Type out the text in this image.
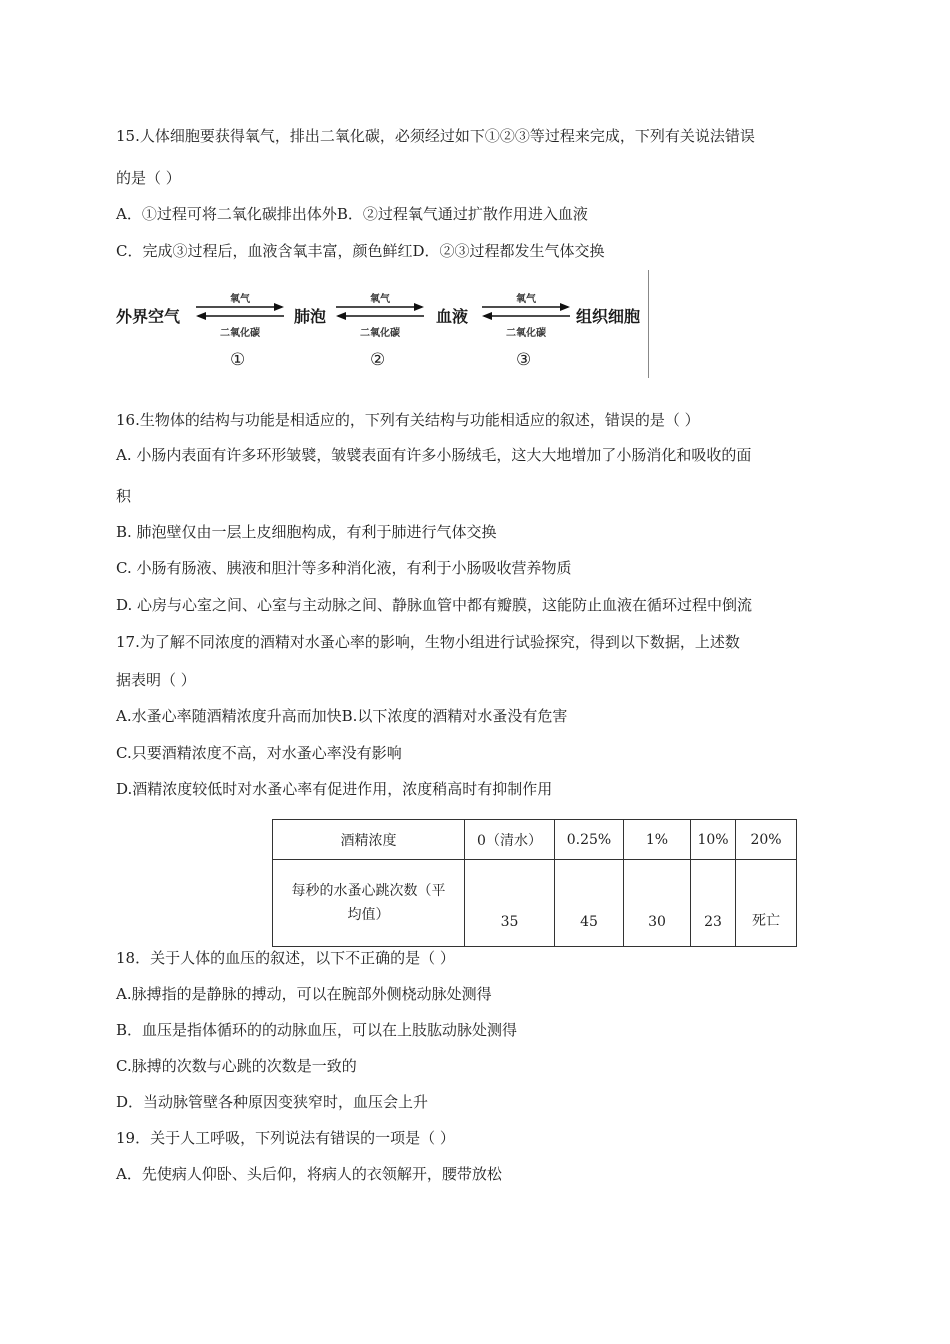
15.人体细胞要获得氧气，排出二氧化碳，必须经过如下①②③等过程来完成，下列有关说法错误
的是（ ）
A．①过程可将二氧化碳排出体外B．②过程氧气通过扩散作用进入血液
C．完成③过程后，血液含氧丰富，颜色鲜红D．②③过程都发生气体交换
外界空气
氧气
二氧化碳
肺泡
氧气
二氧化碳
血液
氧气
二氧化碳
组织细胞
①	②	③
16.生物体的结构与功能是相适应的，下列有关结构与功能相适应的叙述，错误的是（ ）
A. 小肠内表面有许多环形皱襞，皱襞表面有许多小肠绒毛，这大大地增加了小肠消化和吸收的面
积
B. 肺泡壁仅由一层上皮细胞构成，有利于肺进行气体交换
C. 小肠有肠液、胰液和胆汁等多种消化液，有利于小肠吸收营养物质
D. 心房与心室之间、心室与主动脉之间、静脉血管中都有瓣膜，这能防止血液在循环过程中倒流
17.为了解不同浓度的酒精对水蚤心率的影响，生物小组进行试验探究，得到以下数据，上述数
据表明（ ）
A.水蚤心率随酒精浓度升高而加快B.以下浓度的酒精对水蚤没有危害
C.只要酒精浓度不高，对水蚤心率没有影响
D.酒精浓度较低时对水蚤心率有促进作用，浓度稍高时有抑制作用
酒精浓度	0（清水）	0.25%	1%	10%	20%

每秒的水蚤心跳次数（平
均值）	35	45	30	23	死亡
18．关于人体的血压的叙述，以下不正确的是（ ）
A.脉搏指的是静脉的搏动，可以在腕部外侧桡动脉处测得
B．血压是指体循环的的动脉血压，可以在上肢肱动脉处测得
C.脉搏的次数与心跳的次数是一致的
D．当动脉管壁各种原因变狭窄时，血压会上升
19．关于人工呼吸，下列说法有错误的一项是（ ）
A．先使病人仰卧、头后仰，将病人的衣领解开，腰带放松
